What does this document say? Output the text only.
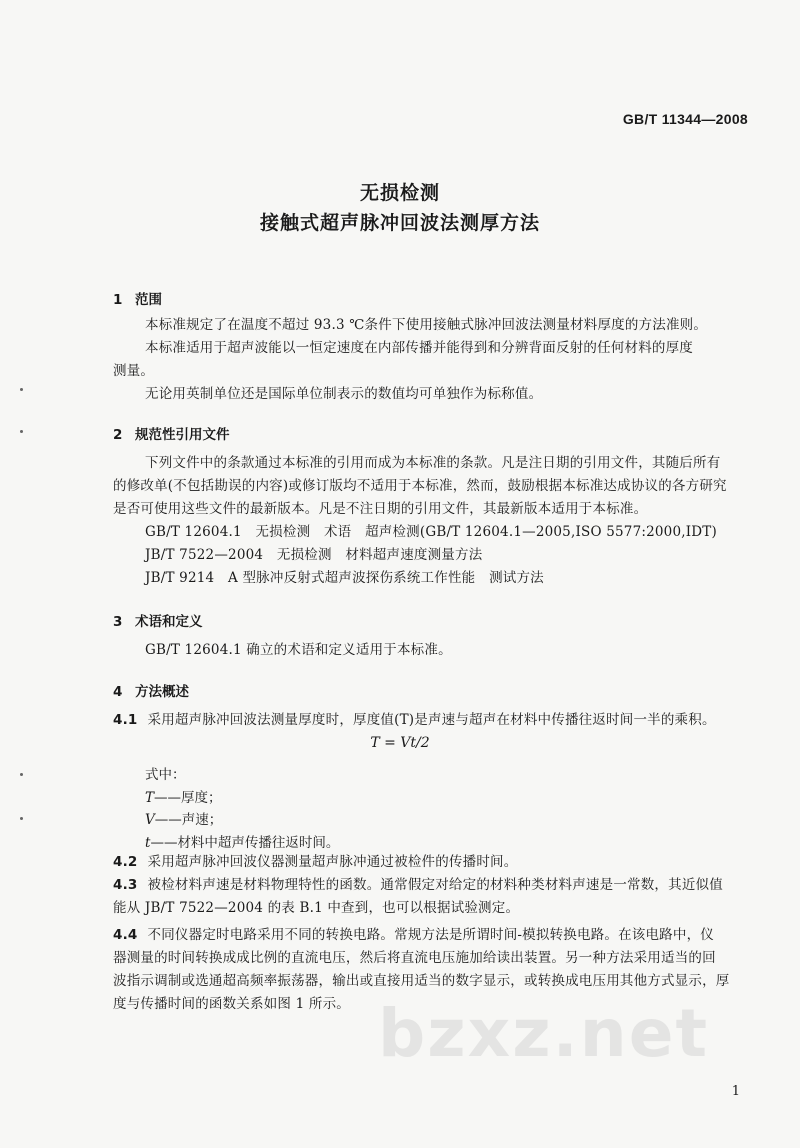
GB/T 11344—2008
无损检测
接触式超声脉冲回波法测厚方法
1 范围
本标准规定了在温度不超过 93.3 ℃条件下使用接触式脉冲回波法测量材料厚度的方法准则。
本标准适用于超声波能以一恒定速度在内部传播并能得到和分辨背面反射的任何材料的厚度
测量。
无论用英制单位还是国际单位制表示的数值均可单独作为标称值。
2 规范性引用文件
下列文件中的条款通过本标准的引用而成为本标准的条款。凡是注日期的引用文件，其随后所有
的修改单(不包括勘误的内容)或修订版均不适用于本标准，然而，鼓励根据本标准达成协议的各方研究
是否可使用这些文件的最新版本。凡是不注日期的引用文件，其最新版本适用于本标准。
GB/T 12604.1　无损检测　术语　超声检测(GB/T 12604.1—2005,ISO 5577:2000,IDT)
JB/T 7522—2004　无损检测　材料超声速度测量方法
JB/T 9214　A 型脉冲反射式超声波探伤系统工作性能　测试方法
3 术语和定义
GB/T 12604.1 确立的术语和定义适用于本标准。
4 方法概述
4.1 采用超声脉冲回波法测量厚度时，厚度值(T)是声速与超声在材料中传播往返时间一半的乘积。
T = Vt/2
式中：
T——厚度；
V——声速；
t——材料中超声传播往返时间。
4.2 采用超声脉冲回波仪器测量超声脉冲通过被检件的传播时间。
4.3 被检材料声速是材料物理特性的函数。通常假定对给定的材料种类材料声速是一常数，其近似值
能从 JB/T 7522—2004 的表 B.1 中查到，也可以根据试验测定。
4.4 不同仪器定时电路采用不同的转换电路。常规方法是所谓时间-模拟转换电路。在该电路中，仪
器测量的时间转换成成比例的直流电压，然后将直流电压施加给读出装置。另一种方法采用适当的回
波指示调制或选通超高频率振荡器，输出或直接用适当的数字显示，或转换成电压用其他方式显示，厚
度与传播时间的函数关系如图 1 所示。 bzxz.net
1
